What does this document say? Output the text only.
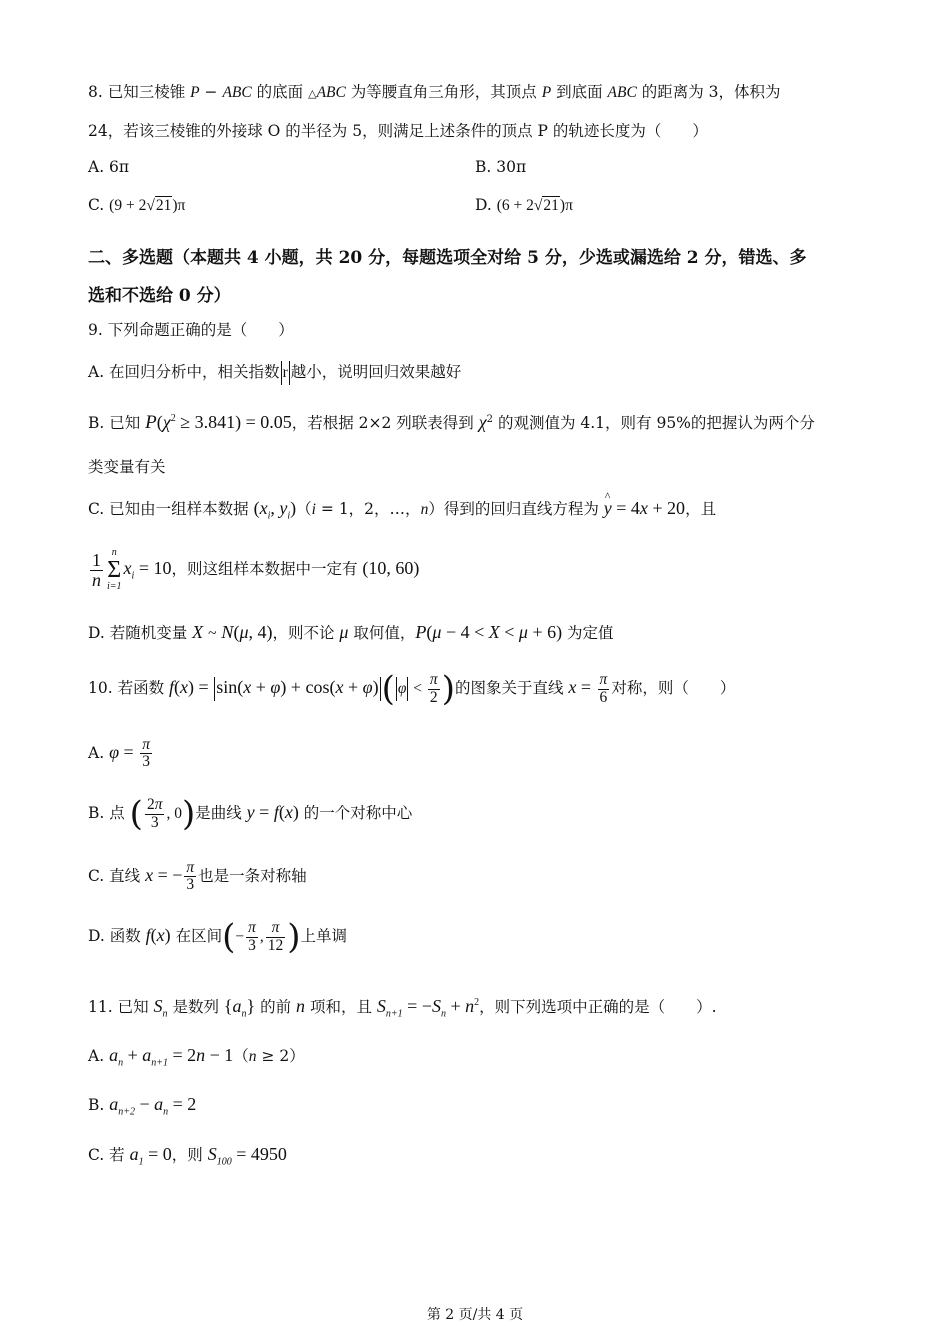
8. 已知三棱锥 P − ABC 的底面 △ABC 为等腰直角三角形，其顶点 P 到底面 ABC 的距离为 3，体积为
24，若该三棱锥的外接球 O 的半径为 5，则满足上述条件的顶点 P 的轨迹长度为（　　）
A. 6π	B. 30π
C. (9 + 2√21)π	D. (6 + 2√21)π
二、多选题（本题共 4 小题，共 20 分，每题选项全对给 5 分，少选或漏选给 2 分，错选、多
选和不选给 0 分）
9. 下列命题正确的是（　　）
A. 在回归分析中，相关指数 r 越小，说明回归效果越好
B. 已知 $P(\chi^2 \ge 3.841) = 0.05$，若根据 2×2 列联表得到 $\chi^2$ 的观测值为 4.1，则有 95%的把握认为两个分
类变量有关
C. 已知由一组样本数据 ($x_i$, $y_i)(i = 1$，2，…，n）得到的回归直线方程为 ^ y = 4x + 20，且
$\frac{1}{n}$ n
Σ
i=1
$x_i = 10$，则这组样本数据中一定有 (10, 60)
D. 若随机变量 X ~ N(μ, 4)，则不论 μ 取何值，P(μ − 4 < X < μ + 6) 为定值
10. 若函数 f(x) = sin(x + φ) + cos(x + φ)( $\varphi < \frac{\pi}{2}$ )的图象关于直线 $x = \frac{\pi}{6}$ 对称，则（　　）
A. $\varphi = \frac{\pi}{3}$
B. 点 ( $\frac{2\pi}{3}$ , 0)是曲线 y = f(x) 的一个对称中心
C. 直线 x = − $\frac{\pi}{3}$ 也是一条对称轴
D. 函数 f(x) 在区间(− $\frac{\pi}{3}$ , $\frac{\pi}{12}$ )上单调
11. 已知 $S_n$ 是数列 $\{a_n\}$ 的前 n 项和，且 $S_{n+1} = -S_n + n^2$，则下列选项中正确的是（　　）.
A. $a_n + a_{n+1} = 2n - 1(n \ge 2)$
B. $a_{n+2} - a_n = 2$
C. 若 $a_1 = 0$，则 $S_{100} = 4950$
第 2 页/共 4 页
